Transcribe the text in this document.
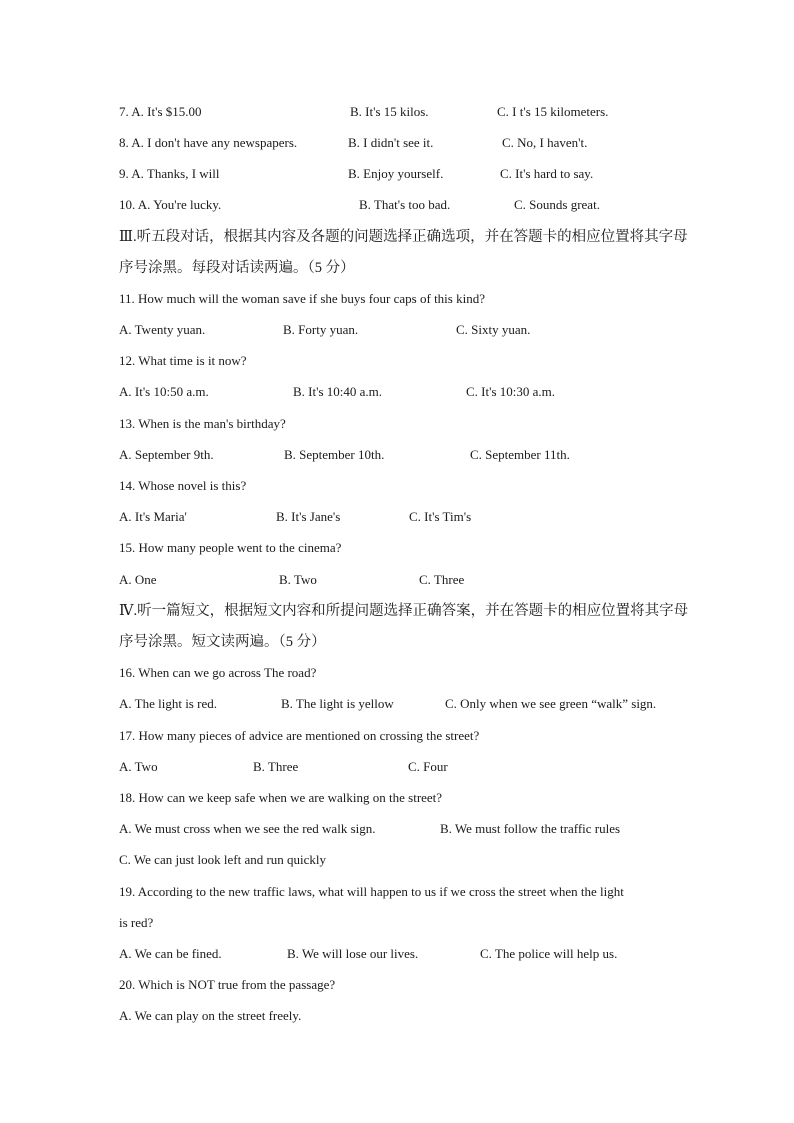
7. A. It's $15.00	B. It's 15 kilos.	C. I t's 15 kilometers.
8. A. I don't have any newspapers.	B. I didn't see it.	C. No, I haven't.
9. A. Thanks, I will	B. Enjoy yourself.	C. It's hard to say.
10. A. You're lucky.	B. That's too bad.	C. Sounds great.
Ⅲ.听五段对话，根据其内容及各题的问题选择正确选项，并在答题卡的相应位置将其字母
序号涂黑。每段对话读两遍。（5 分）
11. How much will the woman save if she buys four caps of this kind?
A. Twenty yuan.	B. Forty yuan.	C. Sixty yuan.
12. What time is it now?
A. It's 10:50 a.m.	B. It's 10:40 a.m.	C. It's 10:30 a.m.
13. When is the man's birthday?
A. September 9th.	B. September 10th.	C. September 11th.
14. Whose novel is this?
A. It's Maria'	B. It's Jane's	C. It's Tim's
15. How many people went to the cinema?
A. One	B. Two	C. Three
Ⅳ.听一篇短文，根据短文内容和所提问题选择正确答案，并在答题卡的相应位置将其字母
序号涂黑。短文读两遍。（5 分）
16. When can we go across The road?
A. The light is red.	B. The light is yellow	C. Only when we see green “walk” sign.
17. How many pieces of advice are mentioned on crossing the street?
A. Two	B. Three	C. Four
18. How can we keep safe when we are walking on the street?
A. We must cross when we see the red walk sign.	B. We must follow the traffic rules
C. We can just look left and run quickly
19. According to the new traffic laws, what will happen to us if we cross the street when the light
is red?
A. We can be fined.	B. We will lose our lives.	C. The police will help us.
20. Which is NOT true from the passage?
A. We can play on the street freely.
